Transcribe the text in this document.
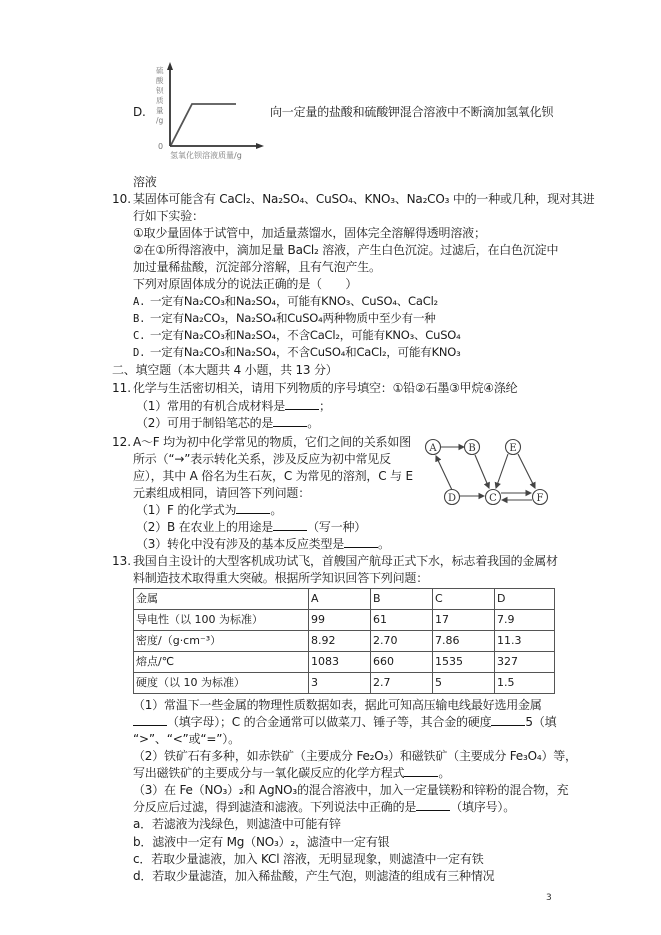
D.
硫
酸
钡
质
量
/g
0
氢氧化钡溶液质量/g
向一定量的盐酸和硫酸钾混合溶液中不断滴加氢氧化钡
溶液
10. 某固体可能含有 CaCl₂、Na₂SO₄、CuSO₄、KNO₃、Na₂CO₃ 中的一种或几种，现对其进
行如下实验：
①取少量固体于试管中，加适量蒸馏水，固体完全溶解得透明溶液；
②在①所得溶液中，滴加足量 BaCl₂ 溶液，产生白色沉淀。过滤后，在白色沉淀中
加过量稀盐酸，沉淀部分溶解，且有气泡产生。
下列对原固体成分的说法正确的是（　　）
A. 一定有Na₂CO₃和Na₂SO₄，可能有KNO₃、CuSO₄、CaCl₂
B. 一定有Na₂CO₃，Na₂SO₄和CuSO₄两种物质中至少有一种
C. 一定有Na₂CO₃和Na₂SO₄，不含CaCl₂，可能有KNO₃、CuSO₄
D. 一定有Na₂CO₃和Na₂SO₄，不含CuSO₄和CaCl₂，可能有KNO₃
二、填空题（本大题共 4 小题，共 13 分）
11. 化学与生活密切相关，请用下列物质的序号填空：①铅②石墨③甲烷④涤纶
（1）常用的有机合成材料是	；
（2）可用于制铅笔芯的是	。
12. A～F 均为初中化学常见的物质，它们之间的关系如图
所示（“→”表示转化关系，涉及反应为初中常见反
应），其中 A 俗名为生石灰，C 为常见的溶剂，C 与 E
元素组成相同，请回答下列问题：
（1）F 的化学式为	。
（2）B 在农业上的用途是	（写一种）
（3）转化中没有涉及的基本反应类型是	。
A	B
C
D
E
F
13. 我国自主设计的大型客机成功试飞，首艘国产航母正式下水，标志着我国的金属材
料制造技术取得重大突破。根据所学知识回答下列问题：
金属	A	B	C	D
导电性（以 100 为标准）	99	61	17	7.9
密度/（g·cm⁻³）	8.92	2.70	7.86	11.3
熔点/℃	1083	660	1535	327
硬度（以 10 为标准）	3	2.7	5	1.5
（1）常温下一些金属的物理性质数据如表，据此可知高压输电线最好选用金属
（填字母）；C 的合金通常可以做菜刀、锤子等，其合金的硬度	5（填
“>”、“<”或“=”）。
（2）铁矿石有多种，如赤铁矿（主要成分 Fe₂O₃）和磁铁矿（主要成分 Fe₃O₄）等，
写出磁铁矿的主要成分与一氧化碳反应的化学方程式	。
（3）在 Fe（NO₃）₂和 AgNO₃的混合溶液中，加入一定量镁粉和锌粉的混合物，充
分反应后过滤，得到滤渣和滤液。下列说法中正确的是	（填序号）。
a．若滤液为浅绿色，则滤渣中可能有锌
b．滤液中一定有 Mg（NO₃）₂，滤渣中一定有银
c．若取少量滤液，加入 KCl 溶液，无明显现象，则滤渣中一定有铁
d．若取少量滤渣，加入稀盐酸，产生气泡，则滤渣的组成有三种情况
3
